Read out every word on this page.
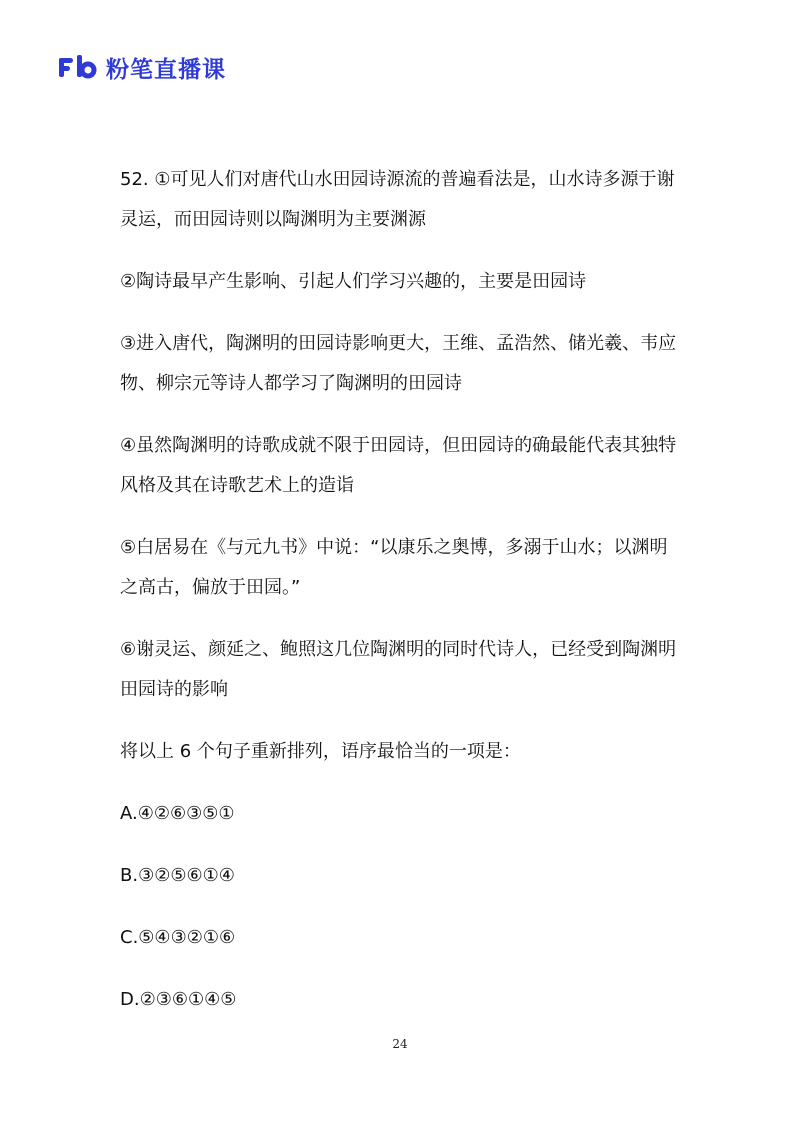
粉笔直播课

52. ①可见人们对唐代山水田园诗源流的普遍看法是，山水诗多源于谢灵运，而田园诗则以陶渊明为主要渊源

②陶诗最早产生影响、引起人们学习兴趣的，主要是田园诗

③进入唐代，陶渊明的田园诗影响更大，王维、孟浩然、储光羲、韦应物、柳宗元等诗人都学习了陶渊明的田园诗

④虽然陶渊明的诗歌成就不限于田园诗，但田园诗的确最能代表其独特风格及其在诗歌艺术上的造诣

⑤白居易在《与元九书》中说：“以康乐之奥博，多溺于山水；以渊明之高古，偏放于田园。”

⑥谢灵运、颜延之、鲍照这几位陶渊明的同时代诗人，已经受到陶渊明田园诗的影响

将以上 6 个句子重新排列，语序最恰当的一项是：

A.④②⑥③⑤①

B.③②⑤⑥①④

C.⑤④③②①⑥

D.②③⑥①④⑤

24
